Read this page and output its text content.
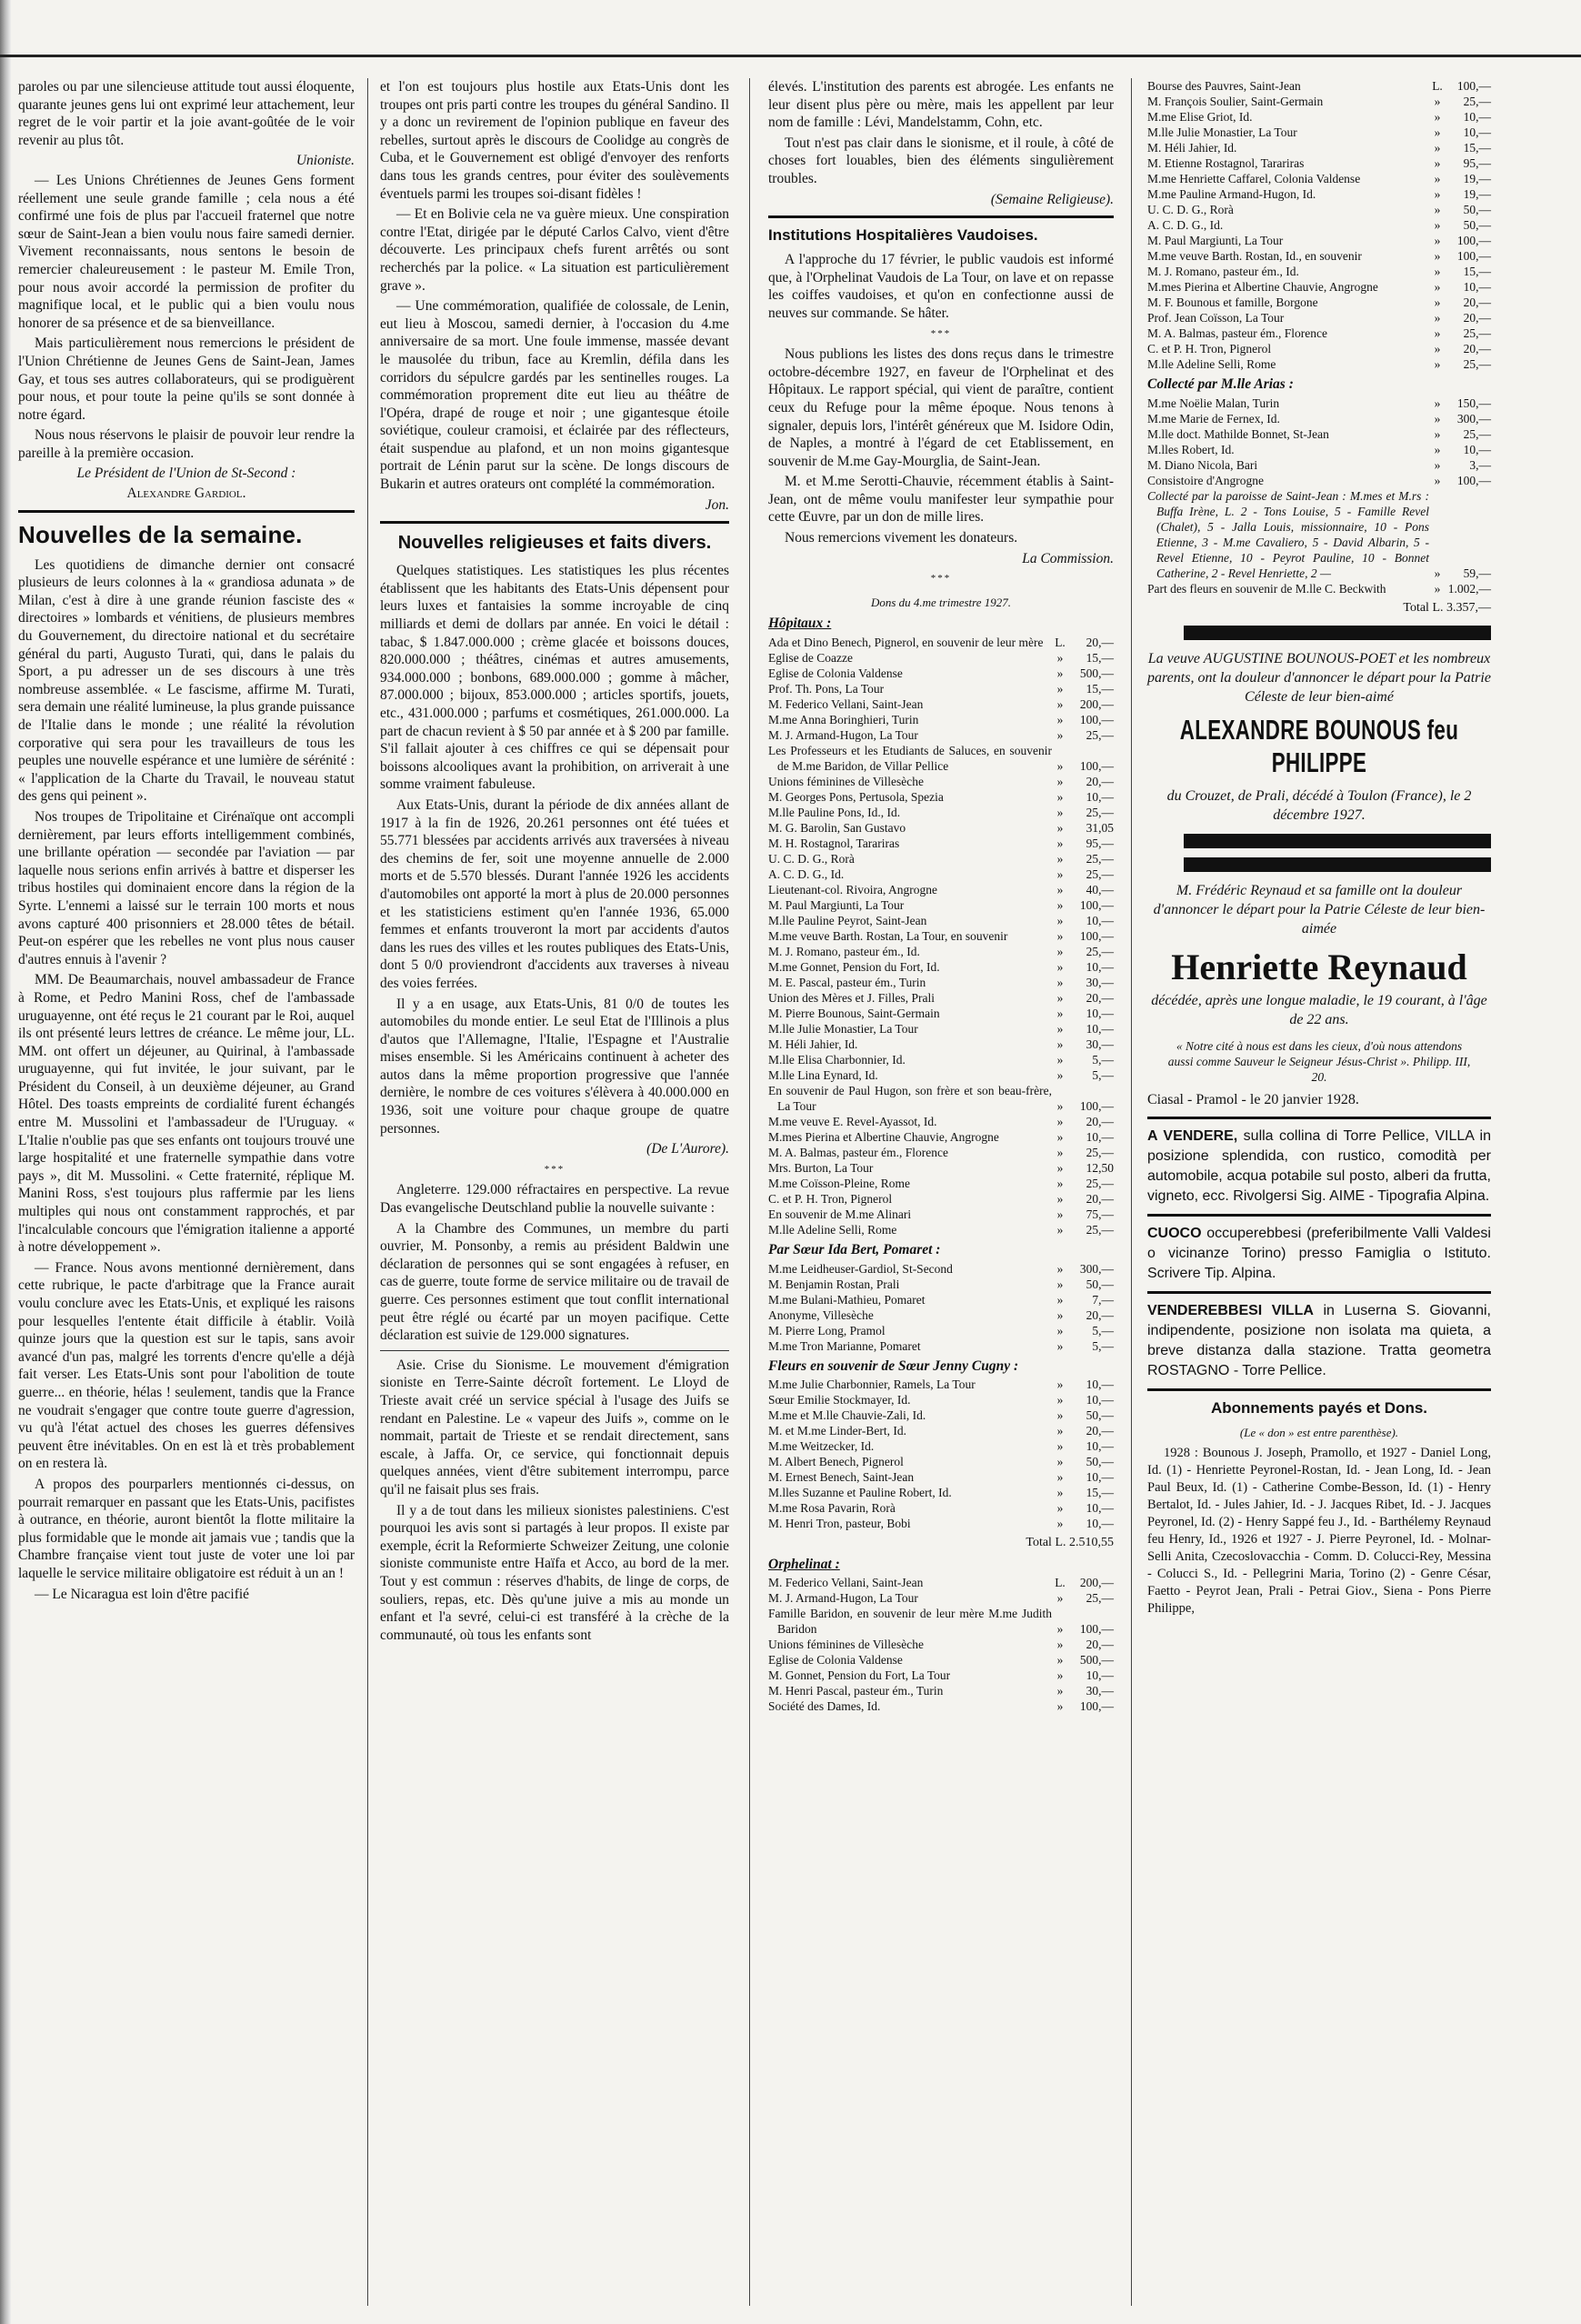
paroles ou par une silencieuse attitude tout aussi éloquente, quarante jeunes gens lui ont exprimé leur attachement, leur regret de le voir partir et la joie avant-goûtée de le voir revenir au plus tôt.

Unioniste.

— Les Unions Chrétiennes de Jeunes Gens forment réellement une seule grande famille ; cela nous a été confirmé une fois de plus par l'accueil fraternel que notre sœur de Saint-Jean a bien voulu nous faire samedi dernier. Vivement reconnaissants, nous sentons le besoin de remercier chaleureusement : le pasteur M. Emile Tron, pour nous avoir accordé la permission de profiter du magnifique local, et le public qui a bien voulu nous honorer de sa présence et de sa bienveillance.

Mais particulièrement nous remercions le président de l'Union Chrétienne de Jeunes Gens de Saint-Jean, James Gay, et tous ses autres collaborateurs, qui se prodiguèrent pour nous, et pour toute la peine qu'ils se sont donnée à notre égard.

Nous nous réservons le plaisir de pouvoir leur rendre la pareille à la première occasion.

Le Président de l'Union de St-Second :
Alexandre Gardiol.
Nouvelles de la semaine.

Les quotidiens de dimanche dernier ont consacré plusieurs de leurs colonnes à la « grandiosa adunata » de Milan, c'est à dire à une grande réunion fasciste des « directoires » lombards et vénitiens, de plusieurs membres du Gouvernement, du directoire national et du secrétaire général du parti, Augusto Turati, qui, dans le palais du Sport, a pu adresser un de ses discours à une très nombreuse assemblée. « Le fascisme, affirme M. Turati, sera demain une réalité lumineuse, la plus grande puissance de l'Italie dans le monde ; une réalité la révolution corporative qui sera pour les travailleurs de tous les peuples une nouvelle espérance et une lumière de sérénité : « l'application de la Charte du Travail, le nouveau statut des gens qui peinent ».

Nos troupes de Tripolitaine et Cirénaïque ont accompli dernièrement, par leurs efforts intelligemment combinés, une brillante opération — secondée par l'aviation — par laquelle nous serions enfin arrivés à battre et disperser les tribus hostiles qui dominaient encore dans la région de la Syrte. L'ennemi a laissé sur le terrain 100 morts et nous avons capturé 400 prisonniers et 28.000 têtes de bétail. Peut-on espérer que les rebelles ne vont plus nous causer d'autres ennuis à l'avenir ?

MM. De Beaumarchais, nouvel ambassadeur de France à Rome, et Pedro Manini Ross, chef de l'ambassade uruguayenne, ont été reçus le 21 courant par le Roi, auquel ils ont présenté leurs lettres de créance. Le même jour, LL. MM. ont offert un déjeuner, au Quirinal, à l'ambassade uruguayenne, qui fut invitée, le jour suivant, par le Président du Conseil, à un deuxième déjeuner, au Grand Hôtel. Des toasts empreints de cordialité furent échangés entre M. Mussolini et l'ambassadeur de l'Uruguay. « L'Italie n'oublie pas que ses enfants ont toujours trouvé une large hospitalité et une fraternelle sympathie dans votre pays », dit M. Mussolini. « Cette fraternité, réplique M. Manini Ross, s'est toujours plus raffermie par les liens multiples qui nous ont constamment rapprochés, et par l'incalculable concours que l'émigration italienne a apporté à notre développement ».

— France. Nous avons mentionné dernièrement, dans cette rubrique, le pacte d'arbitrage que la France aurait voulu conclure avec les Etats-Unis, et expliqué les raisons pour lesquelles l'entente était difficile à établir. Voilà quinze jours que la question est sur le tapis, sans avoir avancé d'un pas, malgré les torrents d'encre qu'elle a déjà fait verser. Les Etats-Unis sont pour l'abolition de toute guerre... en théorie, hélas ! seulement, tandis que la France ne voudrait s'engager que contre toute guerre d'agression, vu qu'à l'état actuel des choses les guerres défensives peuvent être inévitables. On en est là et très probablement on en restera là.

A propos des pourparlers mentionnés ci-dessus, on pourrait remarquer en passant que les Etats-Unis, pacifistes à outrance, en théorie, auront bientôt la flotte militaire la plus formidable que le monde ait jamais vue ; tandis que la Chambre française vient tout juste de voter une loi par laquelle le service militaire obligatoire est réduit à un an !

— Le Nicaragua est loin d'être pacifié

et l'on est toujours plus hostile aux Etats-Unis dont les troupes ont pris parti contre les troupes du général Sandino. Il y a donc un revirement de l'opinion publique en faveur des rebelles, surtout après le discours de Coolidge au congrès de Cuba, et le Gouvernement est obligé d'envoyer des renforts dans tous les grands centres, pour éviter des soulèvements éventuels parmi les troupes soi-disant fidèles !

— Et en Bolivie cela ne va guère mieux. Une conspiration contre l'Etat, dirigée par le député Carlos Calvo, vient d'être découverte. Les principaux chefs furent arrêtés ou sont recherchés par la police. « La situation est particulièrement grave ».

— Une commémoration, qualifiée de colossale, de Lenin, eut lieu à Moscou, samedi dernier, à l'occasion du 4.me anniversaire de sa mort. Une foule immense, massée devant le mausolée du tribun, face au Kremlin, défila dans les corridors du sépulcre gardés par les sentinelles rouges. La commémoration proprement dite eut lieu au théâtre de l'Opéra, drapé de rouge et noir ; une gigantesque étoile soviétique, couleur cramoisi, et éclairée par des réflecteurs, était suspendue au plafond, et un non moins gigantesque portrait de Lénin parut sur la scène. De longs discours de Bukarin et autres orateurs ont complété la commémoration.

Jon.
Nouvelles religieuses et faits divers.

Quelques statistiques. Les statistiques les plus récentes établissent que les habitants des Etats-Unis dépensent pour leurs luxes et fantaisies la somme incroyable de cinq milliards et demi de dollars par année. En voici le détail : tabac, $ 1.847.000.000 ; crème glacée et boissons douces, 820.000.000 ; théâtres, cinémas et autres amusements, 934.000.000 ; bonbons, 689.000.000 ; gomme à mâcher, 87.000.000 ; bijoux, 853.000.000 ; articles sportifs, jouets, etc., 431.000.000 ; parfums et cosmétiques, 261.000.000. La part de chacun revient à $ 50 par année et à $ 200 par famille. S'il fallait ajouter à ces chiffres ce qui se dépensait pour boissons alcooliques avant la prohibition, on arriverait à une somme vraiment fabuleuse.

Aux Etats-Unis, durant la période de dix années allant de 1917 à la fin de 1926, 20.261 personnes ont été tuées et 55.771 blessées par accidents arrivés aux traversées à niveau des chemins de fer, soit une moyenne annuelle de 2.000 morts et de 5.570 blessés. Durant l'année 1926 les accidents d'automobiles ont apporté la mort à plus de 20.000 personnes et les statisticiens estiment qu'en l'année 1936, 65.000 femmes et enfants trouveront la mort par accidents d'autos dans les rues des villes et les routes publiques des Etats-Unis, dont 5 0/0 proviendront d'accidents aux traverses à niveau des voies ferrées.

Il y a en usage, aux Etats-Unis, 81 0/0 de toutes les automobiles du monde entier. Le seul Etat de l'Illinois a plus d'autos que l'Allemagne, l'Italie, l'Espagne et l'Australie mises ensemble. Si les Américains continuent à acheter des autos dans la même proportion progressive que l'année dernière, le nombre de ces voitures s'élèvera à 40.000.000 en 1936, soit une voiture pour chaque groupe de quatre personnes.

(De L'Aurore).
***

Angleterre. 129.000 réfractaires en perspective. La revue Das evangelische Deutschland publie la nouvelle suivante :

A la Chambre des Communes, un membre du parti ouvrier, M. Ponsonby, a remis au président Baldwin une déclaration de personnes qui se sont engagées à refuser, en cas de guerre, toute forme de service militaire ou de travail de guerre. Ces personnes estiment que tout conflit international peut être réglé ou écarté par un moyen pacifique. Cette déclaration est suivie de 129.000 signatures.

Asie. Crise du Sionisme. Le mouvement d'émigration sioniste en Terre-Sainte décroît fortement. Le Lloyd de Trieste avait créé un service spécial à l'usage des Juifs se rendant en Palestine. Le « vapeur des Juifs », comme on le nommait, partait de Trieste et se rendait directement, sans escale, à Jaffa. Or, ce service, qui fonctionnait depuis quelques années, vient d'être subitement interrompu, parce qu'il ne faisait plus ses frais.

Il y a de tout dans les milieux sionistes palestiniens. C'est pourquoi les avis sont si partagés à leur propos. Il existe par exemple, écrit la Reformierte Schweizer Zeitung, une colonie sioniste communiste entre Haïfa et Acco, au bord de la mer. Tout y est commun : réserves d'habits, de linge de corps, de souliers, repas, etc. Dès qu'une juive a mis au monde un enfant et l'a sevré, celui-ci est transféré à la crèche de la communauté, où tous les enfants sont

élevés. L'institution des parents est abrogée. Les enfants ne leur disent plus père ou mère, mais les appellent par leur nom de famille : Lévi, Mandelstamm, Cohn, etc.

Tout n'est pas clair dans le sionisme, et il roule, à côté de choses fort louables, bien des éléments singulièrement troubles.

(Semaine Religieuse).
Institutions Hospitalières Vaudoises.

A l'approche du 17 février, le public vaudois est informé que, à l'Orphelinat Vaudois de La Tour, on lave et on repasse les coiffes vaudoises, et qu'on en confectionne aussi de neuves sur commande. Se hâter.

***

Nous publions les listes des dons reçus dans le trimestre octobre-décembre 1927, en faveur de l'Orphelinat et des Hôpitaux. Le rapport spécial, qui vient de paraître, contient ceux du Refuge pour la même époque. Nous tenons à signaler, depuis lors, l'intérêt généreux que M. Isidore Odin, de Naples, a montré à l'égard de cet Etablissement, en souvenir de M.me Gay-Mourglia, de Saint-Jean.

M. et M.me Serotti-Chauvie, récemment établis à Saint-Jean, ont de même voulu manifester leur sympathie pour cette Œuvre, par un don de mille lires.

Nous remercions vivement les donateurs.

La Commission.
***
Dons du 4.me trimestre 1927.
Hôpitaux :
Ada et Dino Benech, Pignerol, en souvenir de leur mère	L.	20,—
Eglise de Coazze	»	15,—
Eglise de Colonia Valdense	»	500,—
Prof. Th. Pons, La Tour	»	15,—
M. Federico Vellani, Saint-Jean	»	200,—
M.me Anna Boringhieri, Turin	»	100,—
M. J. Armand-Hugon, La Tour	»	25,—
Les Professeurs et les Etudiants de Saluces, en souvenir de M.me Baridon, de Villar Pellice	»	100,—
Unions féminines de Villesèche	»	20,—
M. Georges Pons, Pertusola, Spezia	»	10,—
M.lle Pauline Pons, Id., Id.	»	25,—
M. G. Barolin, San Gustavo	»	31,05
M. H. Rostagnol, Tarariras	»	95,—
U. C. D. G., Rorà	»	25,—
A. C. D. G., Id.	»	25,—
Lieutenant-col. Rivoira, Angrogne	»	40,—
M. Paul Margiunti, La Tour	»	100,—
M.lle Pauline Peyrot, Saint-Jean	»	10,—
M.me veuve Barth. Rostan, La Tour, en souvenir	»	100,—
M. J. Romano, pasteur ém., Id.	»	25,—
M.me Gonnet, Pension du Fort, Id.	»	10,—
M. E. Pascal, pasteur ém., Turin	»	30,—
Union des Mères et J. Filles, Prali	»	20,—
M. Pierre Bounous, Saint-Germain	»	10,—
M.lle Julie Monastier, La Tour	»	10,—
M. Héli Jahier, Id.	»	30,—
M.lle Elisa Charbonnier, Id.	»	5,—
M.lle Lina Eynard, Id.	»	5,—
En souvenir de Paul Hugon, son frère et son beau-frère, La Tour	»	100,—
M.me veuve E. Revel-Ayassot, Id.	»	20,—
M.mes Pierina et Albertine Chauvie, Angrogne	»	10,—
M. A. Balmas, pasteur ém., Florence	»	25,—
Mrs. Burton, La Tour	»	12,50
M.me Coïsson-Pleine, Rome	»	25,—
C. et P. H. Tron, Pignerol	»	20,—
En souvenir de M.me Alinari	»	75,—
M.lle Adeline Selli, Rome	»	25,—
Par Sœur Ida Bert, Pomaret :
M.me Leidheuser-Gardiol, St-Second	»	300,—
M. Benjamin Rostan, Prali	»	50,—
M.me Bulani-Mathieu, Pomaret	»	7,—
Anonyme, Villesèche	»	20,—
M. Pierre Long, Pramol	»	5,—
M.me Tron Marianne, Pomaret	»	5,—
Fleurs en souvenir de Sœur Jenny Cugny :
M.me Julie Charbonnier, Ramels, La Tour	»	10,—
Sœur Emilie Stockmayer, Id.	»	10,—
M.me et M.lle Chauvie-Zali, Id.	»	50,—
M. et M.me Linder-Bert, Id.	»	20,—
M.me Weitzecker, Id.	»	10,—
M. Albert Benech, Pignerol	»	50,—
M. Ernest Benech, Saint-Jean	»	10,—
M.lles Suzanne et Pauline Robert, Id.	»	15,—
M.me Rosa Pavarin, Rorà	»	10,—
M. Henri Tron, pasteur, Bobi	»	10,—
Total L. 2.510,55
Orphelinat :
M. Federico Vellani, Saint-Jean	L.	200,—
M. J. Armand-Hugon, La Tour	»	25,—
Famille Baridon, en souvenir de leur mère M.me Judith Baridon	»	100,—
Unions féminines de Villesèche	»	20,—
Eglise de Colonia Valdense	»	500,—
M. Gonnet, Pension du Fort, La Tour	»	10,—
M. Henri Pascal, pasteur ém., Turin	»	30,—
Société des Dames, Id.	»	100,—
Bourse des Pauvres, Saint-Jean	L.	100,—
M. François Soulier, Saint-Germain	»	25,—
M.me Elise Griot, Id.	»	10,—
M.lle Julie Monastier, La Tour	»	10,—
M. Héli Jahier, Id.	»	15,—
M. Etienne Rostagnol, Tarariras	»	95,—
M.me Henriette Caffarel, Colonia Valdense	»	19,—
M.me Pauline Armand-Hugon, Id.	»	19,—
U. C. D. G., Rorà	»	50,—
A. C. D. G., Id.	»	50,—
M. Paul Margiunti, La Tour	»	100,—
M.me veuve Barth. Rostan, Id., en souvenir	»	100,—
M. J. Romano, pasteur ém., Id.	»	15,—
M.mes Pierina et Albertine Chauvie, Angrogne	»	10,—
M. F. Bounous et famille, Borgone	»	20,—
Prof. Jean Coïsson, La Tour	»	20,—
M. A. Balmas, pasteur ém., Florence	»	25,—
C. et P. H. Tron, Pignerol	»	20,—
M.lle Adeline Selli, Rome	»	25,—
Collecté par M.lle Arias :
M.me Noëlie Malan, Turin	»	150,—
M.me Marie de Fernex, Id.	»	300,—
M.lle doct. Mathilde Bonnet, St-Jean	»	25,—
M.lles Robert, Id.	»	10,—
M. Diano Nicola, Bari	»	3,—
Consistoire d'Angrogne	»	100,—
Collecté par la paroisse de Saint-Jean : M.mes et M.rs : Buffa Irène, L. 2 - Tons Louise, 5 - Famille Revel (Chalet), 5 - Jalla Louis, missionnaire, 10 - Pons Etienne, 3 - M.me Cavaliero, 5 - David Albarin, 5 - Revel Etienne, 10 - Peyrot Pauline, 10 - Bonnet Catherine, 2 - Revel Henriette, 2 —	»	59,—
Part des fleurs en souvenir de M.lle C. Beckwith	»	1.002,—
Total L. 3.357,—
La veuve AUGUSTINE BOUNOUS-POET et les nombreux parents, ont la douleur d'annoncer le départ pour la Patrie Céleste de leur bien-aimé
ALEXANDRE BOUNOUS feu PHILIPPE
du Crouzet, de Prali, décédé à Toulon (France), le 2 décembre 1927.
M. Frédéric Reynaud et sa famille ont la douleur d'annoncer le départ pour la Patrie Céleste de leur bien-aimée
Henriette Reynaud
décédée, après une longue maladie, le 19 courant, à l'âge de 22 ans.
« Notre cité à nous est dans les cieux, d'où nous attendons aussi comme Sauveur le Seigneur Jésus-Christ ». Philipp. III, 20.
Ciasal - Pramol - le 20 janvier 1928.
A VENDERE, sulla collina di Torre Pellice, VILLA in posizione splendida, con rustico, comodità per automobile, acqua potabile sul posto, alberi da frutta, vigneto, ecc. Rivolgersi Sig. AIME - Tipografia Alpina.
CUOCO occuperebbesi (preferibilmente Valli Valdesi o vicinanze Torino) presso Famiglia o Istituto. Scrivere Tip. Alpina.
VENDEREBBESI VILLA in Luserna S. Giovanni, indipendente, posizione non isolata ma quieta, a breve distanza dalla stazione. Tratta geometra ROSTAGNO - Torre Pellice.
Abonnements payés et Dons.
(Le « don » est entre parenthèse).

1928 : Bounous J. Joseph, Pramollo, et 1927 - Daniel Long, Id. (1) - Henriette Peyronel-Rostan, Id. - Jean Long, Id. - Jean Paul Beux, Id. (1) - Catherine Combe-Besson, Id. (1) - Henry Bertalot, Id. - Jules Jahier, Id. - J. Jacques Ribet, Id. - J. Jacques Peyronel, Id. (2) - Henry Sappé feu J., Id. - Barthélemy Reynaud feu Henry, Id., 1926 et 1927 - J. Pierre Peyronel, Id. - Molnar-Selli Anita, Czecoslovacchia - Comm. D. Colucci-Rey, Messina - Colucci S., Id. - Pellegrini Maria, Torino (2) - Genre César, Faetto - Peyrot Jean, Prali - Petrai Giov., Siena - Pons Pierre Philippe,
